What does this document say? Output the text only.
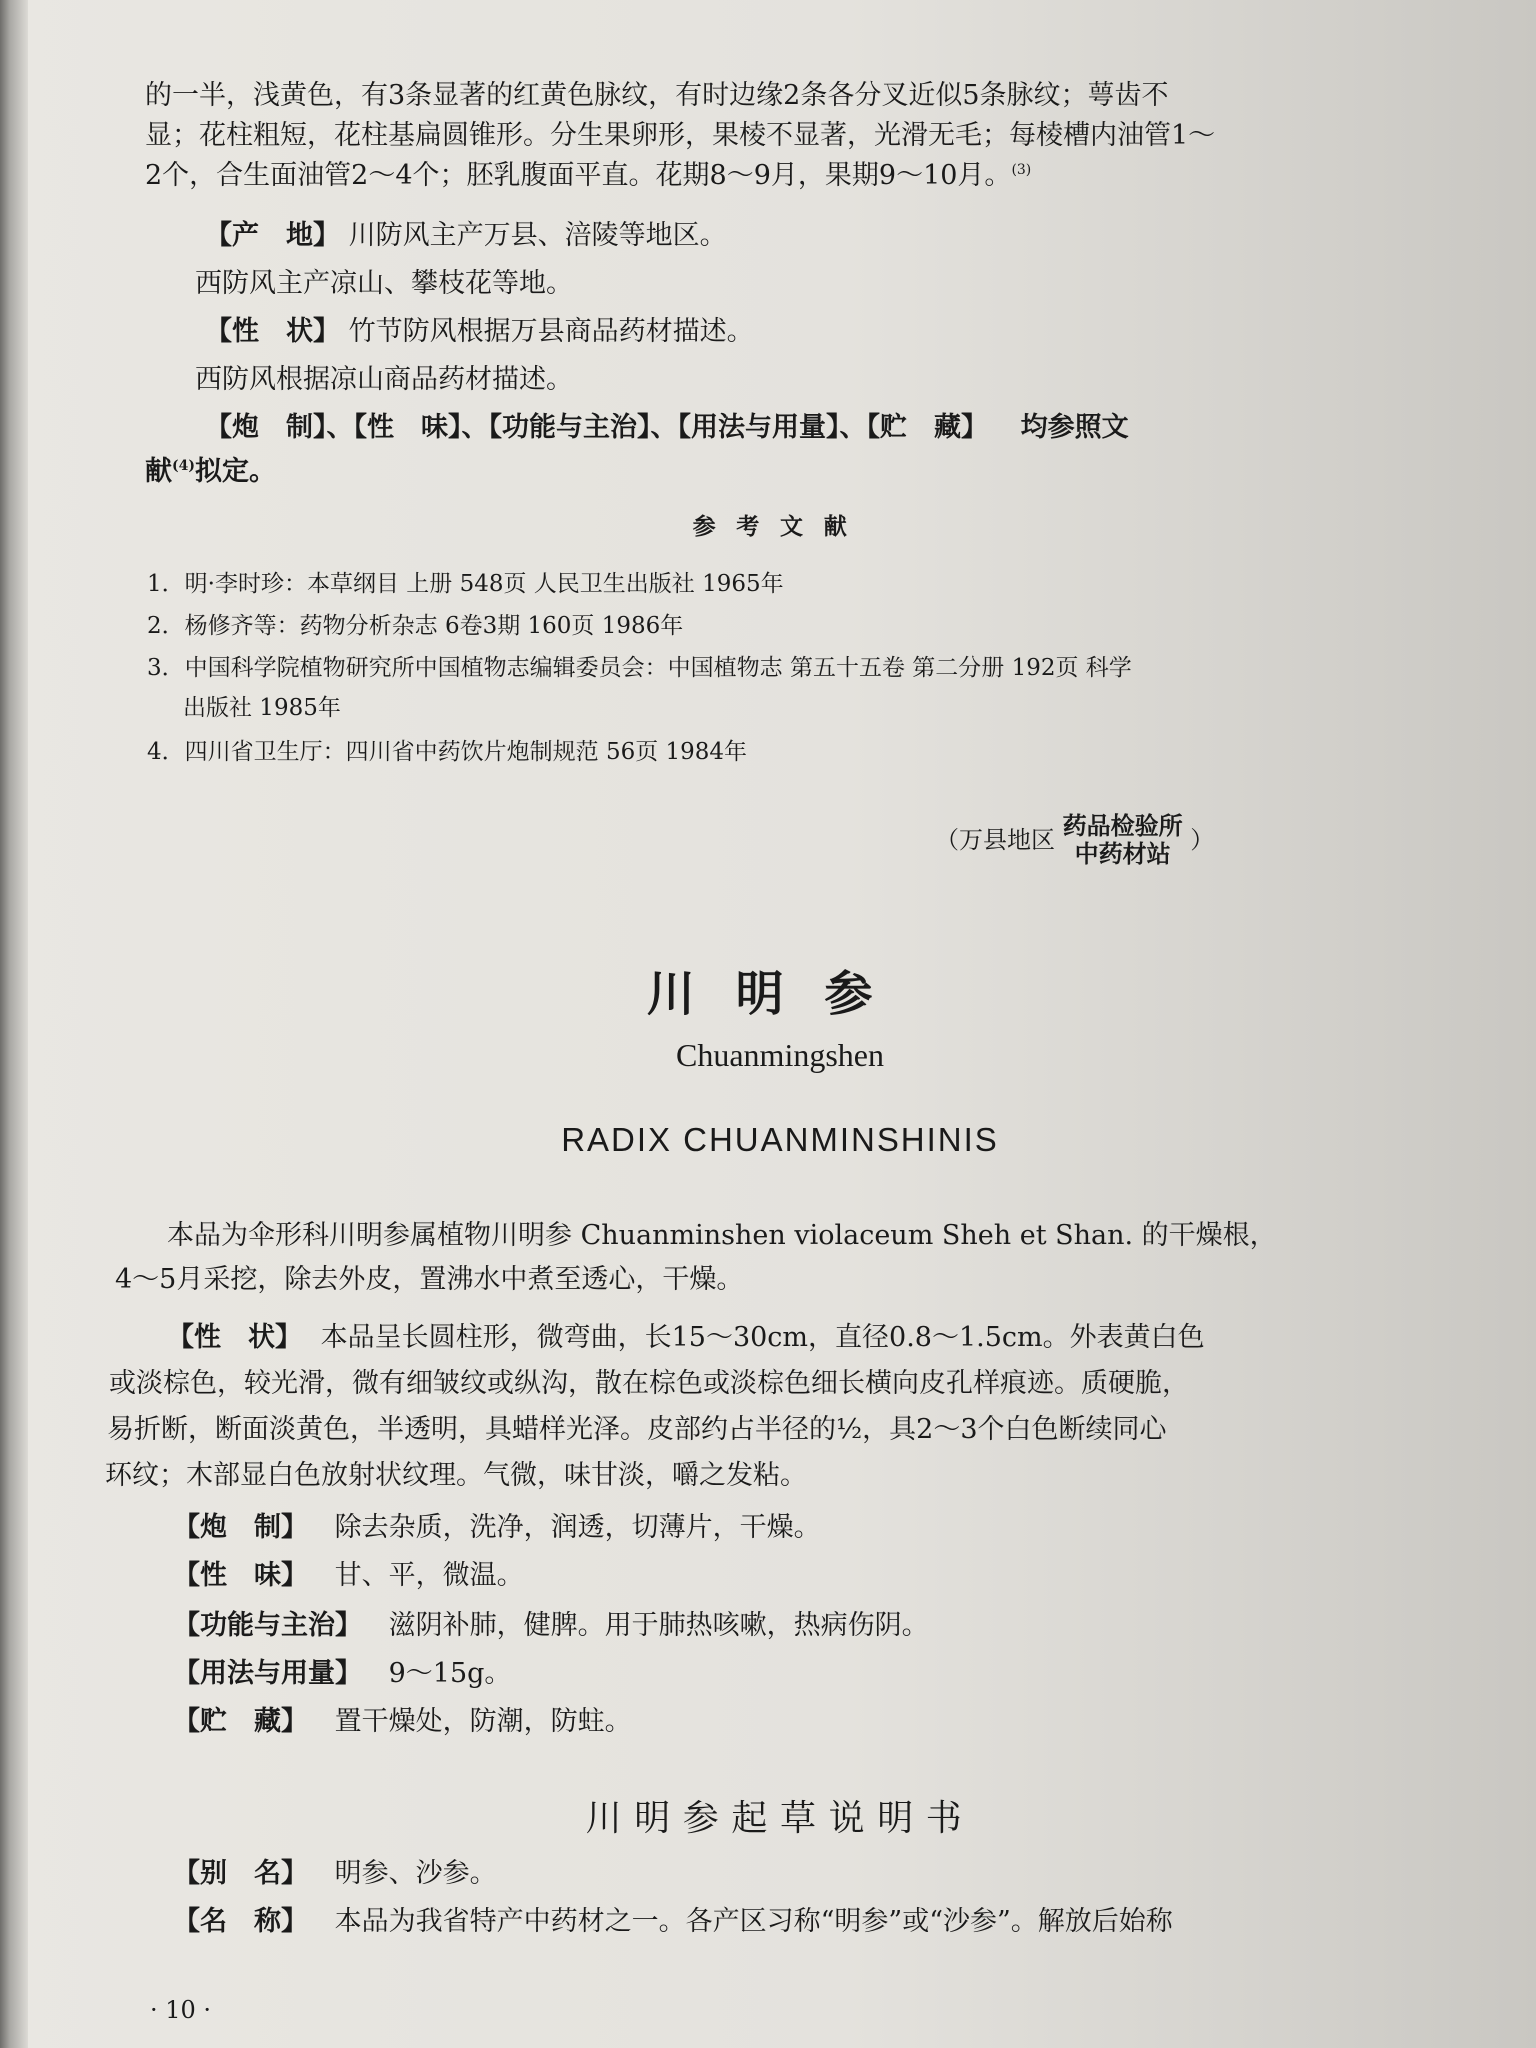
的一半，浅黄色，有3条显著的红黄色脉纹，有时边缘2条各分叉近似5条脉纹；萼齿不
显；花柱粗短，花柱基扁圆锥形。分生果卵形，果棱不显著，光滑无毛；每棱槽内油管1～
2个，合生面油管2～4个；胚乳腹面平直。花期8～9月，果期9～10月。$^{(3)}$
【产　地】 川防风主产万县、涪陵等地区。
西防风主产凉山、攀枝花等地。
【性　状】 竹节防风根据万县商品药材描述。
西防风根据凉山商品药材描述。
【炮　制】、【性　味】、【功能与主治】、【用法与用量】、【贮　藏】 均参照文
献$^{(4)}$拟定。
参考文献
1．明·李时珍：本草纲目 上册 548页 人民卫生出版社 1965年
2．杨修齐等：药物分析杂志 6卷3期 160页 1986年
3．中国科学院植物研究所中国植物志编辑委员会：中国植物志 第五十五卷 第二分册 192页 科学
出版社 1985年
4．四川省卫生厅：四川省中药饮片炮制规范 56页 1984年
（万县地区 药品检验所
中药材站 ）
川明参
Chuanmingshen
RADIX CHUANMINSHINIS
本品为伞形科川明参属植物川明参 Chuanminshen violaceum Sheh et Shan. 的干燥根，
4～5月采挖，除去外皮，置沸水中煮至透心，干燥。
【性　状】 本品呈长圆柱形，微弯曲，长15～30cm，直径0.8～1.5cm。外表黄白色
或淡棕色，较光滑，微有细皱纹或纵沟，散在棕色或淡棕色细长横向皮孔样痕迹。质硬脆，
易折断，断面淡黄色，半透明，具蜡样光泽。皮部约占半径的½，具2～3个白色断续同心
环纹；木部显白色放射状纹理。气微，味甘淡，嚼之发粘。
【炮　制】 除去杂质，洗净，润透，切薄片，干燥。
【性　味】 甘、平，微温。
【功能与主治】 滋阴补肺，健脾。用于肺热咳嗽，热病伤阴。
【用法与用量】 9～15g。
【贮　藏】 置干燥处，防潮，防蛀。
川明参起草说明书
【别　名】 明参、沙参。
【名　称】 本品为我省特产中药材之一。各产区习称“明参”或“沙参”。解放后始称
· 10 ·
